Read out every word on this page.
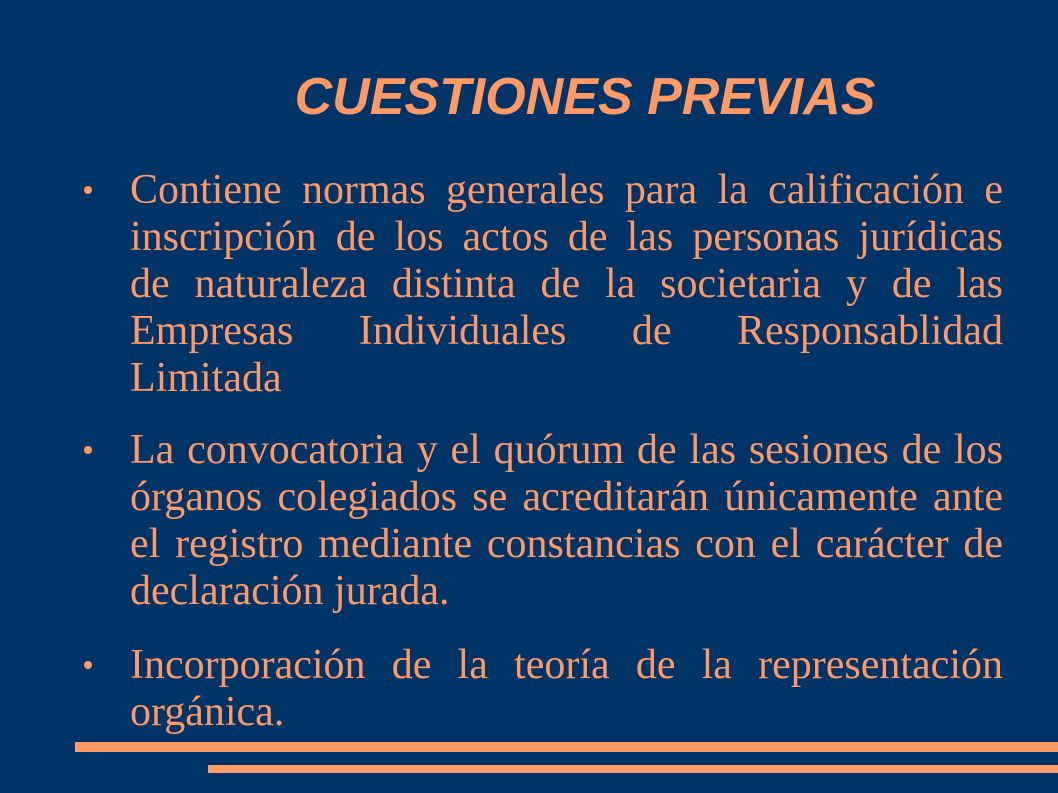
CUESTIONES PREVIAS
Contiene normas generales para la calificación e
inscripción de los actos de las personas jurídicas
de naturaleza distinta de la societaria y de las
Empresas Individuales de Responsablidad
Limitada
La convocatoria y el quórum de las sesiones de los
órganos colegiados se acreditarán únicamente ante
el registro mediante constancias con el carácter de
declaración jurada.
Incorporación de la teoría de la representación
orgánica.
